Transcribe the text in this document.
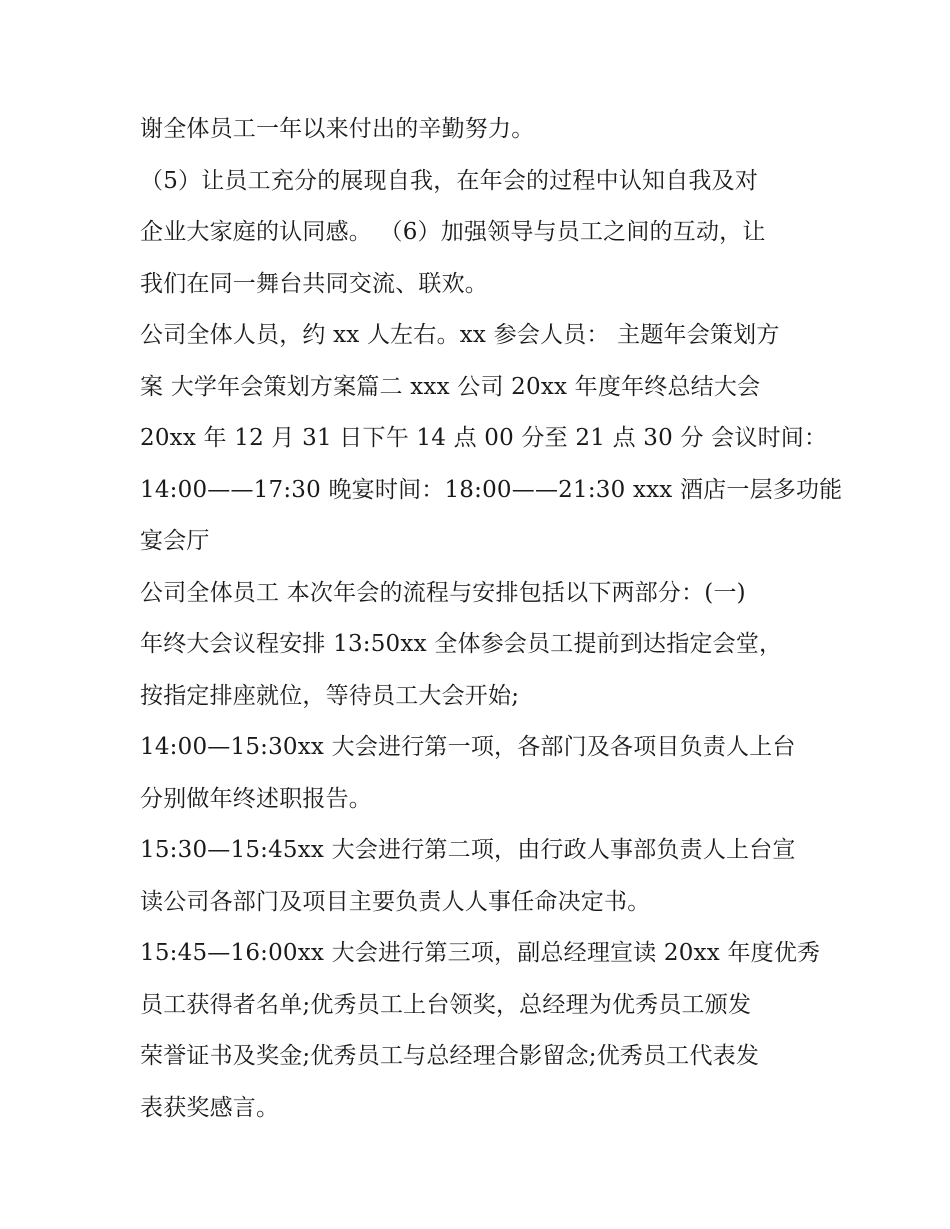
谢全体员工一年以来付出的辛勤努力。
（5）让员工充分的展现自我，在年会的过程中认知自我及对
企业大家庭的认同感。 （6）加强领导与员工之间的互动，让
我们在同一舞台共同交流、联欢。
公司全体人员，约 xx 人左右。xx 参会人员： 主题年会策划方
案 大学年会策划方案篇二 xxx 公司 20xx 年度年终总结大会
20xx 年 12 月 31 日下午 14 点 00 分至 21 点 30 分 会议时间：
14:00——17:30 晚宴时间：18:00——21:30 xxx 酒店一层多功能
宴会厅
公司全体员工 本次年会的流程与安排包括以下两部分：(一)
年终大会议程安排 13:50xx 全体参会员工提前到达指定会堂，
按指定排座就位，等待员工大会开始;
14:00—15:30xx 大会进行第一项，各部门及各项目负责人上台
分别做年终述职报告。
15:30—15:45xx 大会进行第二项，由行政人事部负责人上台宣
读公司各部门及项目主要负责人人事任命决定书。
15:45—16:00xx 大会进行第三项，副总经理宣读 20xx 年度优秀
员工获得者名单;优秀员工上台领奖，总经理为优秀员工颁发
荣誉证书及奖金;优秀员工与总经理合影留念;优秀员工代表发
表获奖感言。
